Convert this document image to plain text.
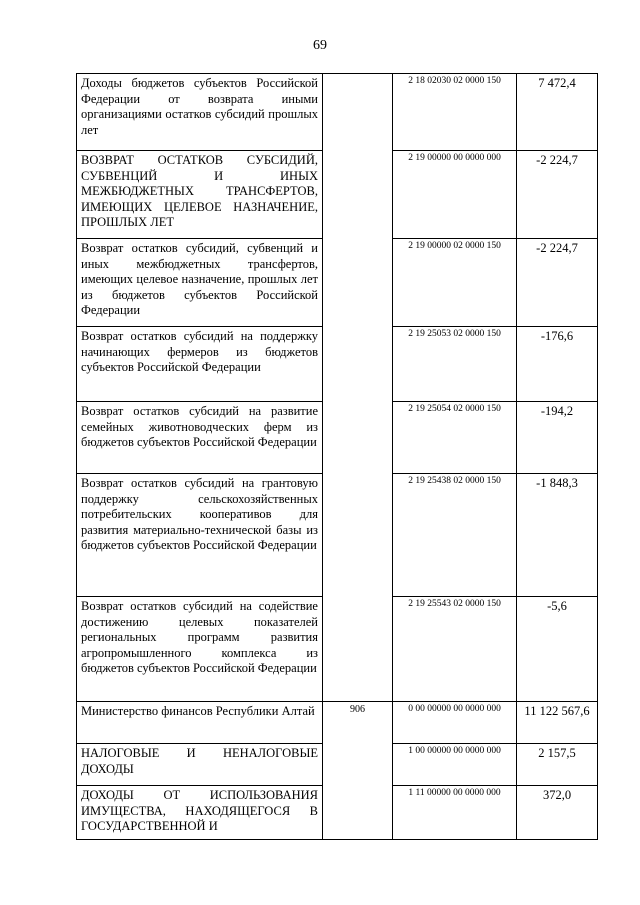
69
Доходы бюджетов субъектов Российской Федерации от возврата иными организациями остатков субсидий прошлых лет		2 18 02030 02 0000 150	7 472,4
ВОЗВРАТ ОСТАТКОВ СУБСИДИЙ, СУБВЕНЦИЙ И ИНЫХ МЕЖБЮДЖЕТНЫХ ТРАНСФЕРТОВ, ИМЕЮЩИХ ЦЕЛЕВОЕ НАЗНАЧЕНИЕ, ПРОШЛЫХ ЛЕТ		2 19 00000 00 0000 000	-2 224,7
Возврат остатков субсидий, субвенций и иных межбюджетных трансфертов, имеющих целевое назначение, прошлых лет из бюджетов субъектов Российской Федерации		2 19 00000 02 0000 150	-2 224,7
Возврат остатков субсидий на поддержку начинающих фермеров из бюджетов субъектов Российской Федерации		2 19 25053 02 0000 150	-176,6
Возврат остатков субсидий на развитие семейных животноводческих ферм из бюджетов субъектов Российской Федерации		2 19 25054 02 0000 150	-194,2
Возврат остатков субсидий на грантовую поддержку сельскохозяйственных потребительских кооперативов для развития материально-технической базы из бюджетов субъектов Российской Федерации		2 19 25438 02 0000 150	-1 848,3
Возврат остатков субсидий на содействие достижению целевых показателей региональных программ развития агропромышленного комплекса из бюджетов субъектов Российской Федерации		2 19 25543 02 0000 150	-5,6
Министерство финансов Республики Алтай	906	0 00 00000 00 0000 000	11 122 567,6
НАЛОГОВЫЕ И НЕНАЛОГОВЫЕ ДОХОДЫ		1 00 00000 00 0000 000	2 157,5
ДОХОДЫ ОТ ИСПОЛЬЗОВАНИЯ ИМУЩЕСТВА, НАХОДЯЩЕГОСЯ В ГОСУДАРСТВЕННОЙ И		1 11 00000 00 0000 000	372,0
